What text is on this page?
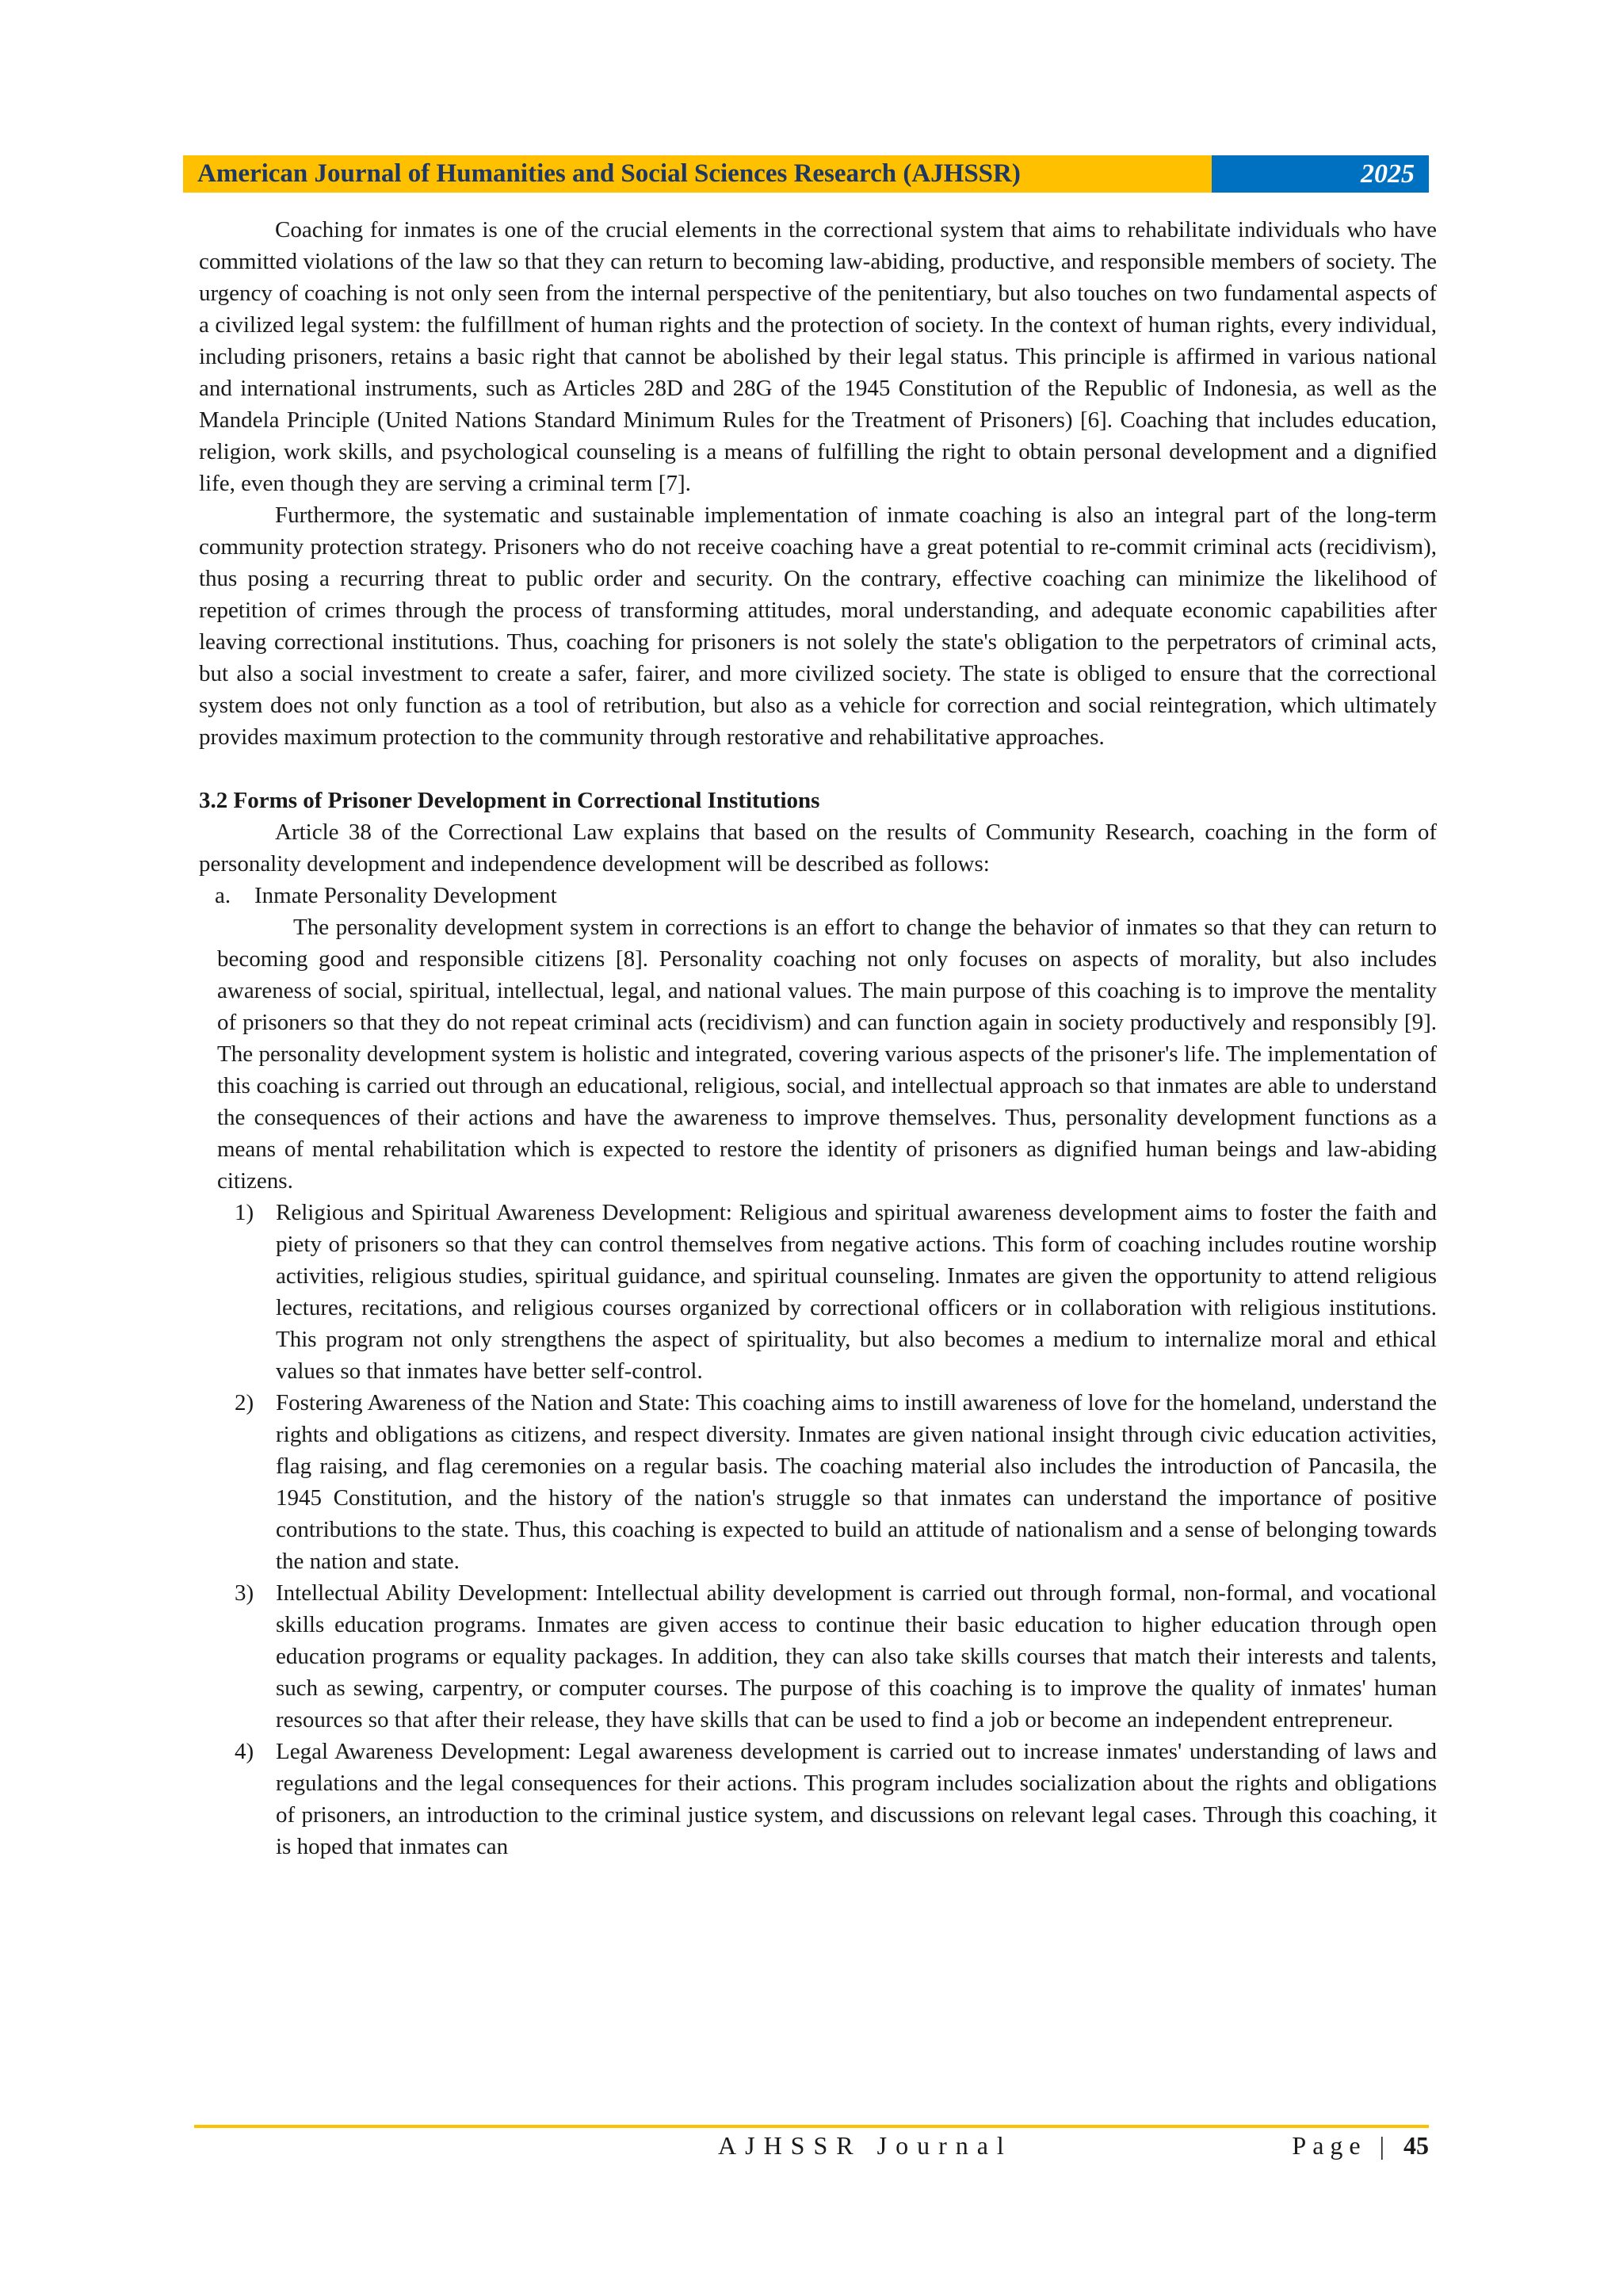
American Journal of Humanities and Social Sciences Research (AJHSSR)	2025

Coaching for inmates is one of the crucial elements in the correctional system that aims to rehabilitate individuals who have committed violations of the law so that they can return to becoming law-abiding, productive, and responsible members of society. The urgency of coaching is not only seen from the internal perspective of the penitentiary, but also touches on two fundamental aspects of a civilized legal system: the fulfillment of human rights and the protection of society. In the context of human rights, every individual, including prisoners, retains a basic right that cannot be abolished by their legal status. This principle is affirmed in various national and international instruments, such as Articles 28D and 28G of the 1945 Constitution of the Republic of Indonesia, as well as the Mandela Principle (United Nations Standard Minimum Rules for the Treatment of Prisoners) [6]. Coaching that includes education, religion, work skills, and psychological counseling is a means of fulfilling the right to obtain personal development and a dignified life, even though they are serving a criminal term [7].

Furthermore, the systematic and sustainable implementation of inmate coaching is also an integral part of the long-term community protection strategy. Prisoners who do not receive coaching have a great potential to re-commit criminal acts (recidivism), thus posing a recurring threat to public order and security. On the contrary, effective coaching can minimize the likelihood of repetition of crimes through the process of transforming attitudes, moral understanding, and adequate economic capabilities after leaving correctional institutions. Thus, coaching for prisoners is not solely the state's obligation to the perpetrators of criminal acts, but also a social investment to create a safer, fairer, and more civilized society. The state is obliged to ensure that the correctional system does not only function as a tool of retribution, but also as a vehicle for correction and social reintegration, which ultimately provides maximum protection to the community through restorative and rehabilitative approaches.

3.2 Forms of Prisoner Development in Correctional Institutions

Article 38 of the Correctional Law explains that based on the results of Community Research, coaching in the form of personality development and independence development will be described as follows:

a. Inmate Personality Development

The personality development system in corrections is an effort to change the behavior of inmates so that they can return to becoming good and responsible citizens [8]. Personality coaching not only focuses on aspects of morality, but also includes awareness of social, spiritual, intellectual, legal, and national values. The main purpose of this coaching is to improve the mentality of prisoners so that they do not repeat criminal acts (recidivism) and can function again in society productively and responsibly [9]. The personality development system is holistic and integrated, covering various aspects of the prisoner's life. The implementation of this coaching is carried out through an educational, religious, social, and intellectual approach so that inmates are able to understand the consequences of their actions and have the awareness to improve themselves. Thus, personality development functions as a means of mental rehabilitation which is expected to restore the identity of prisoners as dignified human beings and law-abiding citizens.

1) Religious and Spiritual Awareness Development: Religious and spiritual awareness development aims to foster the faith and piety of prisoners so that they can control themselves from negative actions. This form of coaching includes routine worship activities, religious studies, spiritual guidance, and spiritual counseling. Inmates are given the opportunity to attend religious lectures, recitations, and religious courses organized by correctional officers or in collaboration with religious institutions. This program not only strengthens the aspect of spirituality, but also becomes a medium to internalize moral and ethical values so that inmates have better self-control.
2) Fostering Awareness of the Nation and State: This coaching aims to instill awareness of love for the homeland, understand the rights and obligations as citizens, and respect diversity. Inmates are given national insight through civic education activities, flag raising, and flag ceremonies on a regular basis. The coaching material also includes the introduction of Pancasila, the 1945 Constitution, and the history of the nation's struggle so that inmates can understand the importance of positive contributions to the state. Thus, this coaching is expected to build an attitude of nationalism and a sense of belonging towards the nation and state.
3) Intellectual Ability Development: Intellectual ability development is carried out through formal, non-formal, and vocational skills education programs. Inmates are given access to continue their basic education to higher education through open education programs or equality packages. In addition, they can also take skills courses that match their interests and talents, such as sewing, carpentry, or computer courses. The purpose of this coaching is to improve the quality of inmates' human resources so that after their release, they have skills that can be used to find a job or become an independent entrepreneur.
4) Legal Awareness Development: Legal awareness development is carried out to increase inmates' understanding of laws and regulations and the legal consequences for their actions. This program includes socialization about the rights and obligations of prisoners, an introduction to the criminal justice system, and discussions on relevant legal cases. Through this coaching, it is hoped that inmates can
AJHSSR Journal	Page | 45
